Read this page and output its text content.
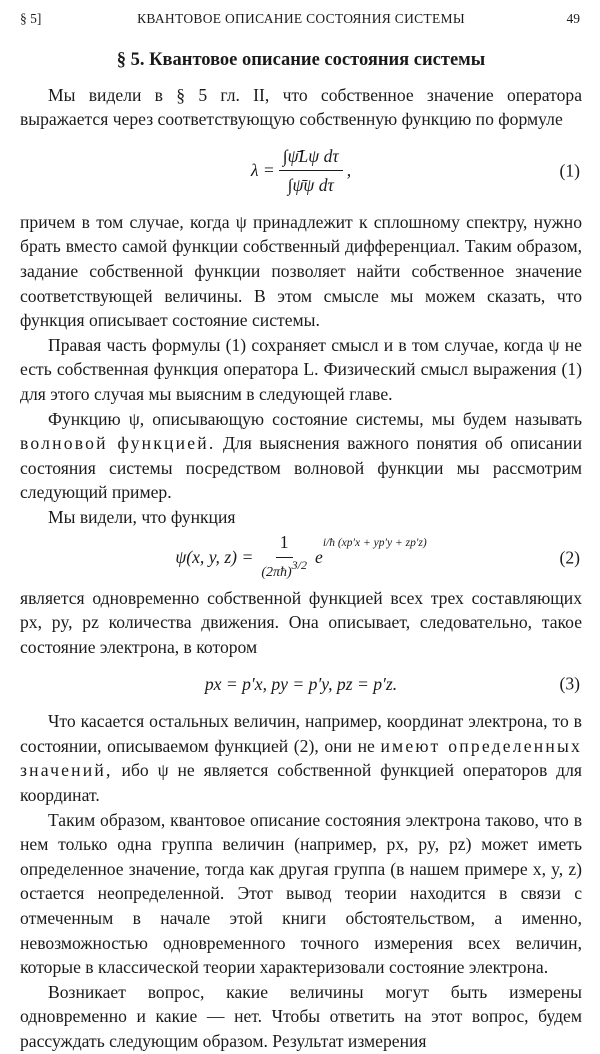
§ 5]	КВАНТОВОЕ ОПИСАНИЕ СОСТОЯНИЯ СИСТЕМЫ	49
§ 5. Квантовое описание состояния системы

Мы видели в § 5 гл. II, что собственное значение оператора выражается через соответствующую собственную функцию по формуле

$\lambda = \frac{\text{∫ψ̄Lψ dτ}}{\text{∫ψ̄ψ dτ}}$ ,	(1)

причем в том случае, когда ψ принадлежит к сплошному спектру, нужно брать вместо самой функции собственный дифференциал. Таким образом, задание собственной функции позволяет найти собственное значение соответствующей величины. В этом смысле мы можем сказать, что функция описывает состояние системы.

Правая часть формулы (1) сохраняет смысл и в том случае, когда ψ не есть собственная функция оператора L. Физический смысл выражения (1) для этого случая мы выясним в следующей главе.

Функцию ψ, описывающую состояние системы, мы будем называть волновой функцией. Для выяснения важного понятия об описании состояния системы посредством волновой функции мы рассмотрим следующий пример.

Мы видели, что функция

ψ(x, y, $z) = \frac{1}{(2\pi ħ)3/2}$ e
i/ħ (xp′x + yp′y + zp′z)
(2)

является одновременно собственной функцией всех трех составляющих px, py, pz количества движения. Она описывает, следовательно, такое состояние электрона, в котором

px = p′x, py = p′y, pz = p′z.	(3)

Что касается остальных величин, например, координат электрона, то в состоянии, описываемом функцией (2), они не имеют определенных значений, ибо ψ не является собственной функцией операторов для координат.

Таким образом, квантовое описание состояния электрона таково, что в нем только одна группа величин (например, px, py, pz) может иметь определенное значение, тогда как другая группа (в нашем примере x, y, z) остается неопределенной. Этот вывод теории находится в связи с отмеченным в начале этой книги обстоятельством, а именно, невозможностью одновременного точного измерения всех величин, которые в классической теории характеризовали состояние электрона.

Возникает вопрос, какие величины могут быть измерены одновременно и какие — нет. Чтобы ответить на этот вопрос, будем рассуждать следующим образом. Результат измерения
